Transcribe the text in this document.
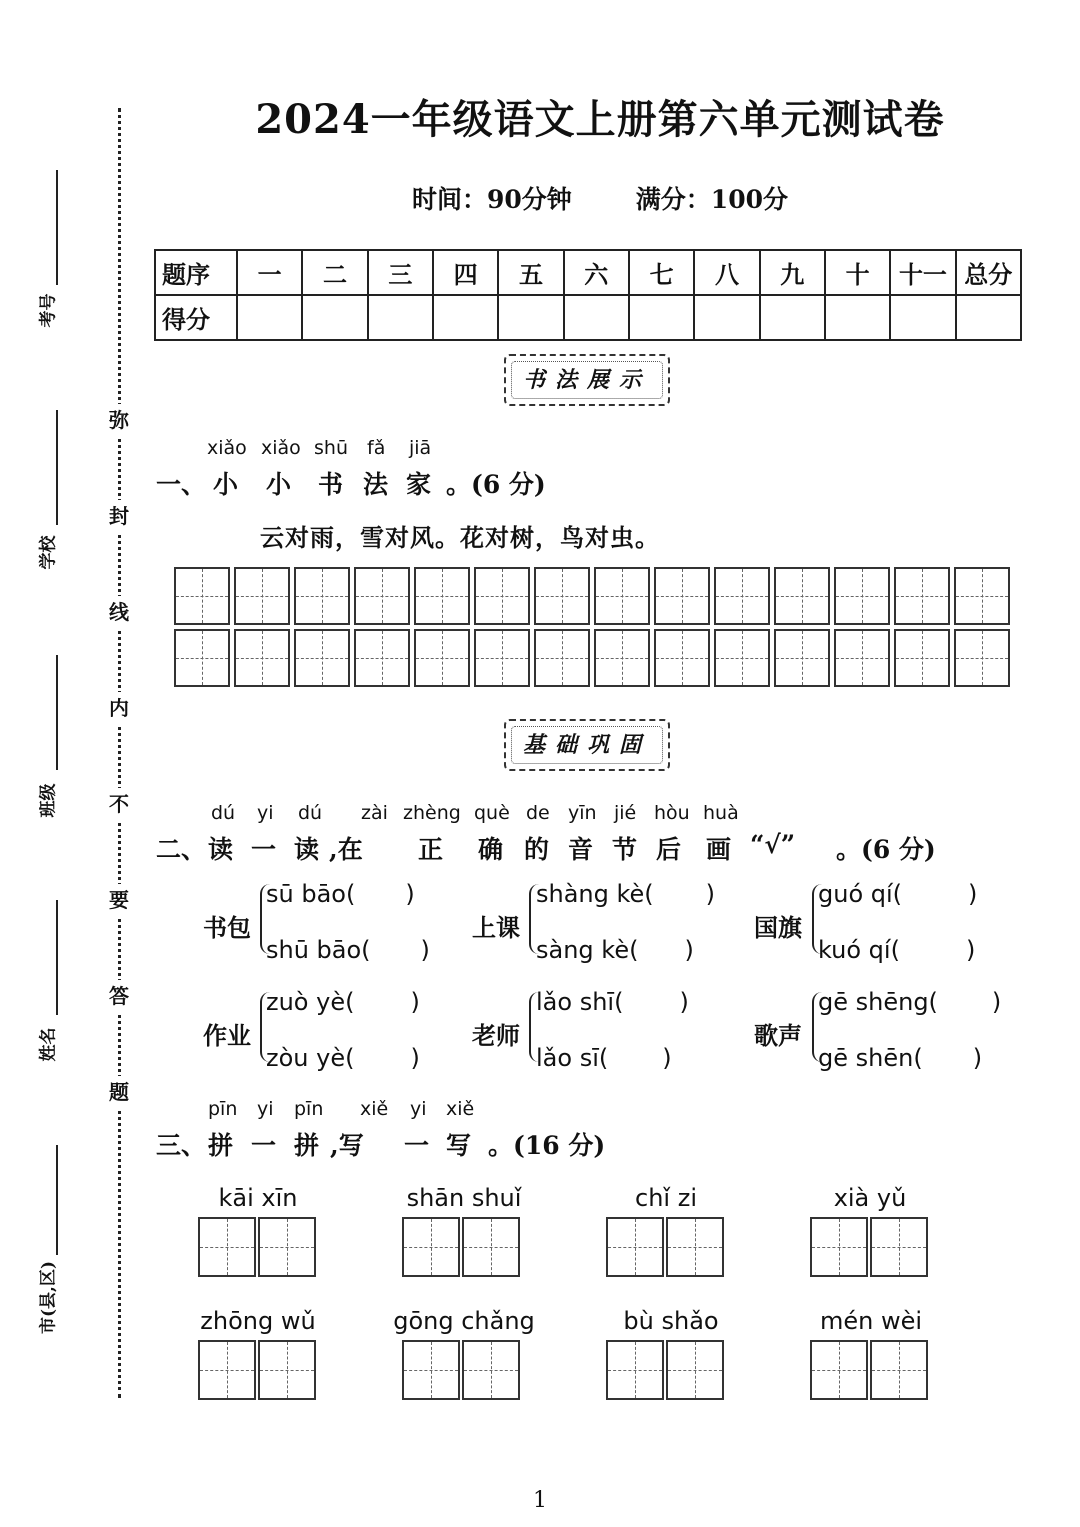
弥
封
线
内
不
要
答
题
考号
学校
班级
姓名
市(县,区)
2024一年级语文上册第六单元测试卷
时间：90分钟	满分：100分
题序	一	二	三	四	五	六	七	八	九	十	十一	总分
得分												
书法展示
xiǎo xiǎo shū fǎ jiā
一、 小 小 书 法 家 。(6 分)
云对雨，雪对风。花对树，鸟对虫。
基础巩固
dú yi dú zài zhèng què de yīn jié hòu huà
二、 读 一 读 ,在 正 确 的 音 节 后 画 “√” 。(6 分)
书包
sū bāo( )
shū bāo( )
上课
shàng kè( )
sàng kè( )
国旗
guó qí(	)
kuó qí(	)
作业
zuò yè( )
zòu yè( )
老师
lǎo shī( )
lǎo sī( )
歌声
gē shēng( )
gē shēn( )
pīn yi pīn xiě yi xiě
三、 拼 一 拼 ,写 一 写 。(16 分)
kāi xīn	shān shuǐ	chǐ zi	xià yǔ
zhōng wǔ	gōng chǎng	bù shǎo	mén wèi
1
